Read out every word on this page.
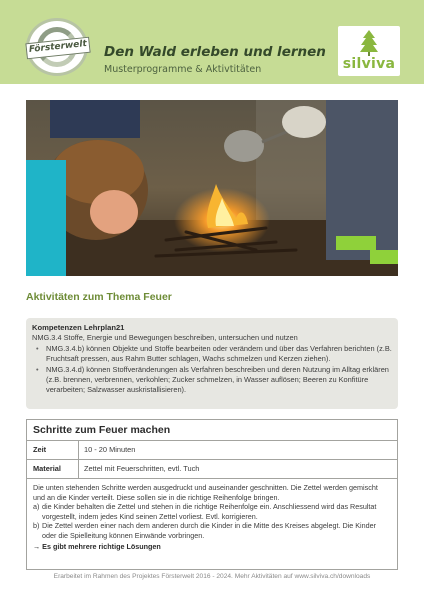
Försterwelt Den Wald erleben und lernen
Musterprogramme & Aktivtitäten	silviva
Aktivitäten zum Thema Feuer
Kompetenzen Lehrplan21
NMG.3.4 Stoffe, Energie und Bewegungen beschreiben, untersuchen und nutzen
• NMG.3.4.b) können Objekte und Stoffe bearbeiten oder verändern und über das Verfahren berichten (z.B. Fruchtsaft pressen, aus Rahm Butter schlagen, Wachs schmelzen und Kerzen ziehen).
• NMG.3.4.d) können Stoffveränderungen als Verfahren beschreiben und deren Nutzung im Alltag erklären (z.B. brennen, verbrennen, verkohlen; Zucker schmelzen, in Wasser auflösen; Beeren zu Konfitüre verarbeiten; Salzwasser auskristallisieren).
Schritte zum Feuer machen
Zeit	10 - 20 Minuten
Material	Zettel mit Feuerschritten, evtl. Tuch
Die unten stehenden Schritte werden ausgedruckt und auseinander geschnitten. Die Zettel werden gemischt und an die Kinder verteilt. Diese sollen sie in die richtige Reihenfolge bringen.
a) die Kinder behalten die Zettel und stehen in die richtige Reihenfolge ein. Anschliessend wird das Resultat vorgestellt, indem jedes Kind seinen Zettel vorliest. Evtl. korrigieren.
b) Die Zettel werden einer nach dem anderen durch die Kinder in die Mitte des Kreises abgelegt. Die Kinder oder die Spielleitung können Einwände vorbringen.
→ Es gibt mehrere richtige Lösungen
Erarbeitet im Rahmen des Projektes Försterwelt 2016 - 2024. Mehr Aktivitäten auf www.silviva.ch/downloads
